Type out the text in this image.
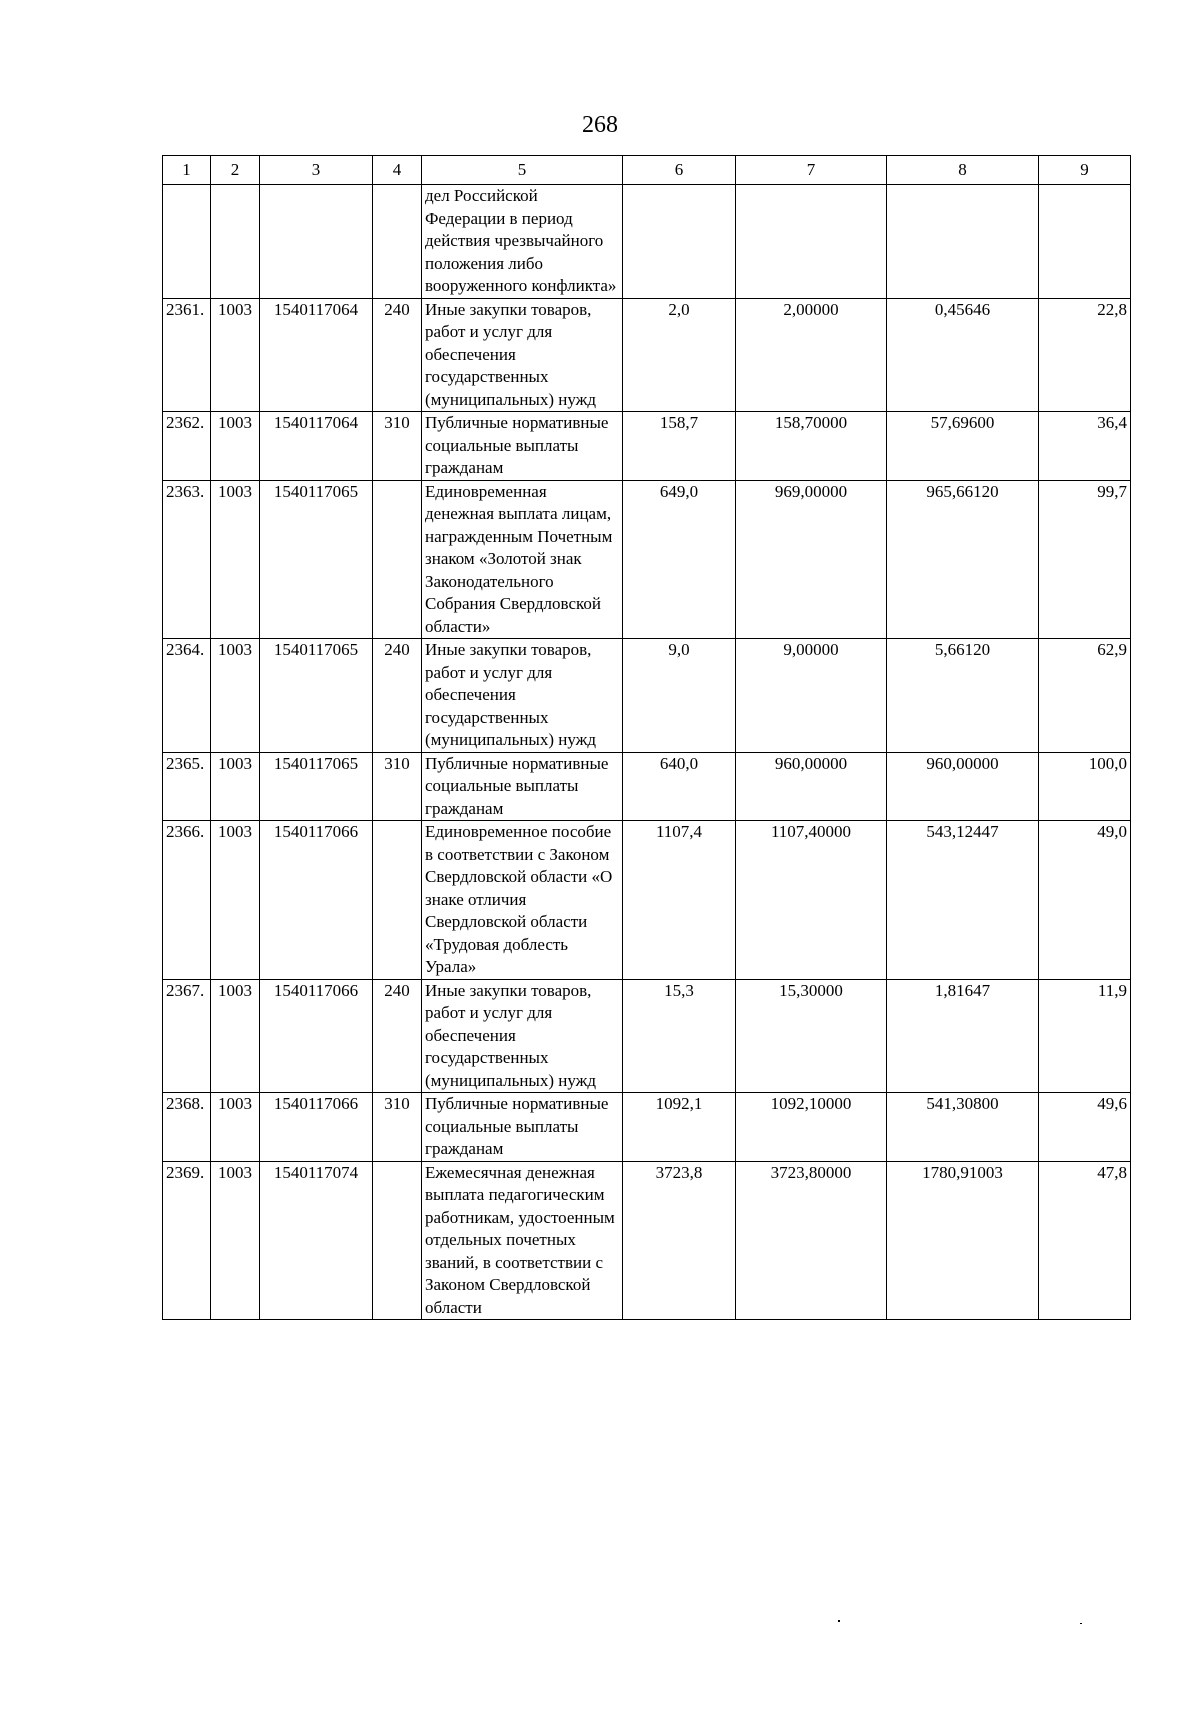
268
1	2	3	4	5	6	7	8	9
				дел Российской Федерации в период действия чрезвычайного положения либо вооруженного конфликта»				
2361.	1003	1540117064	240	Иные закупки товаров, работ и услуг для обеспечения государственных (муниципальных) нужд	2,0	2,00000	0,45646	22,8
2362.	1003	1540117064	310	Публичные нормативные социальные выплаты гражданам	158,7	158,70000	57,69600	36,4
2363.	1003	1540117065		Единовременная денежная выплата лицам, награжденным Почетным знаком «Золотой знак Законодательного Собрания Свердловской области»	649,0	969,00000	965,66120	99,7
2364.	1003	1540117065	240	Иные закупки товаров, работ и услуг для обеспечения государственных (муниципальных) нужд	9,0	9,00000	5,66120	62,9
2365.	1003	1540117065	310	Публичные нормативные социальные выплаты гражданам	640,0	960,00000	960,00000	100,0
2366.	1003	1540117066		Единовременное пособие в соответствии с Законом Свердловской области «О знаке отличия Свердловской области «Трудовая доблесть Урала»	1107,4	1107,40000	543,12447	49,0
2367.	1003	1540117066	240	Иные закупки товаров, работ и услуг для обеспечения государственных (муниципальных) нужд	15,3	15,30000	1,81647	11,9
2368.	1003	1540117066	310	Публичные нормативные социальные выплаты гражданам	1092,1	1092,10000	541,30800	49,6
2369.	1003	1540117074		Ежемесячная денежная выплата педагогическим работникам, удостоенным отдельных почетных званий, в соответствии с Законом Свердловской области	3723,8	3723,80000	1780,91003	47,8
